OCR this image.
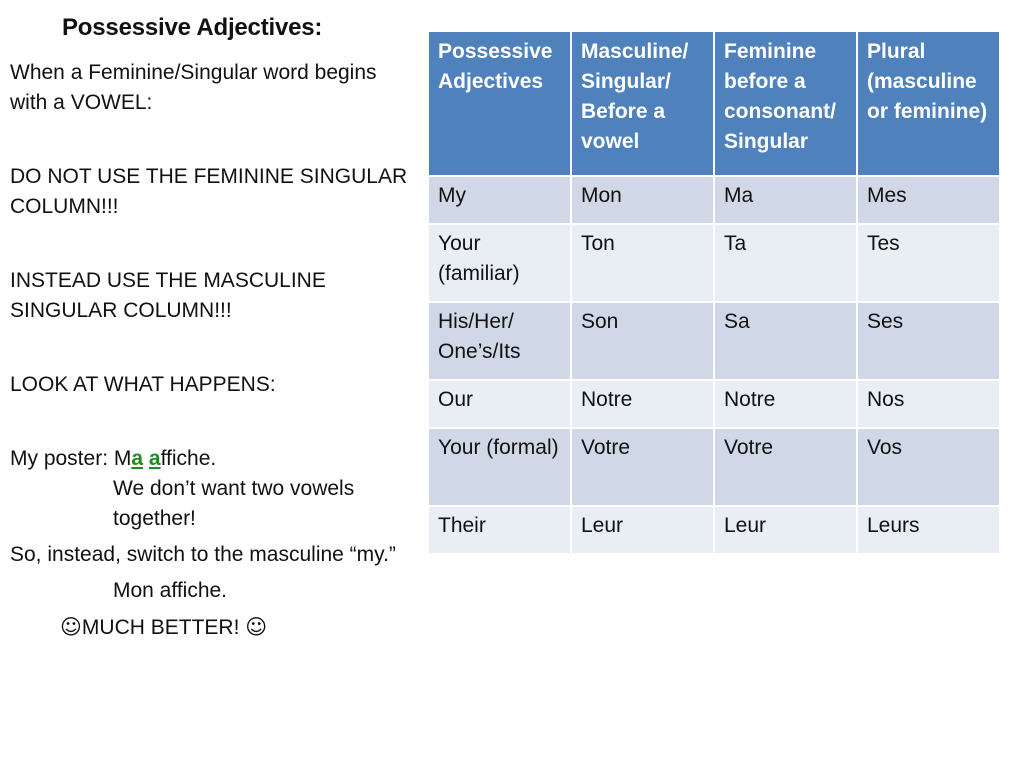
Possessive Adjectives:

When a Feminine/Singular word begins with a VOWEL:

DO NOT USE THE FEMININE SINGULAR COLUMN!!!

INSTEAD USE THE MASCULINE SINGULAR COLUMN!!!

LOOK AT WHAT HAPPENS:

My poster: Ma affiche.

We don’t want two vowels together!

So, instead, switch to the masculine “my.”

Mon affiche.

☺MUCH BETTER! ☺

Possessive Adjectives	Masculine/ Singular/ Before a vowel	Feminine before a consonant/ Singular	Plural (masculine or feminine)
My	Mon	Ma	Mes
Your (familiar)	Ton	Ta	Tes
His/Her/ One’s/Its	Son	Sa	Ses
Our	Notre	Notre	Nos
Your (formal)	Votre	Votre	Vos
Their	Leur	Leur	Leurs
